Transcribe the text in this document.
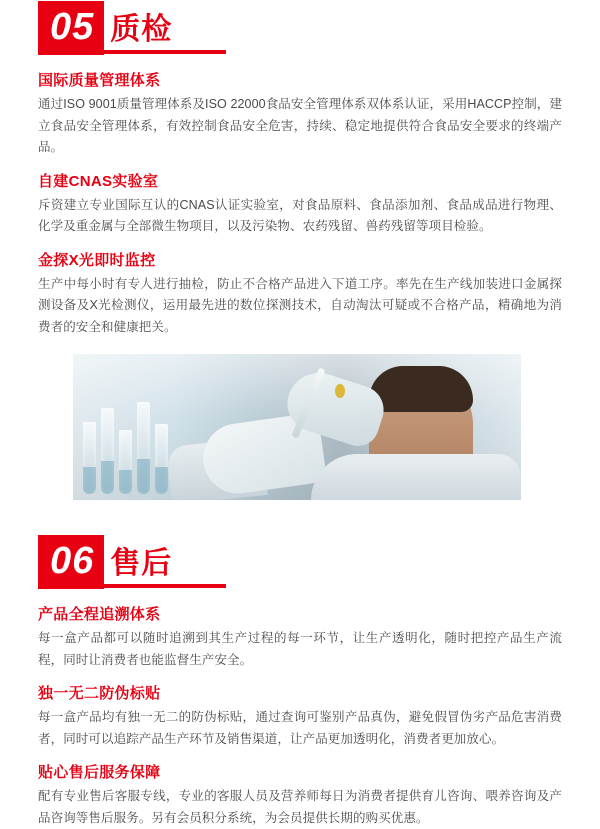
05 质检
国际质量管理体系
通过ISO 9001质量管理体系及ISO 22000食品安全管理体系双体系认证，采用HACCP控制，建立食品安全管理体系，有效控制食品安全危害，持续、稳定地提供符合食品安全要求的终端产品。
自建CNAS实验室
斥资建立专业国际互认的CNAS认证实验室，对食品原料、食品添加剂、食品成品进行物理、化学及重金属与全部微生物项目，以及污染物、农药残留、兽药残留等项目检验。
金探X光即时监控
生产中每小时有专人进行抽检，防止不合格产品进入下道工序。率先在生产线加装进口金属探测设备及X光检测仪，运用最先进的数位探测技术，自动淘汰可疑或不合格产品，精确地为消费者的安全和健康把关。
06 售后
产品全程追溯体系
每一盒产品都可以随时追溯到其生产过程的每一环节，让生产透明化，随时把控产品生产流程，同时让消费者也能监督生产安全。
独一无二防伪标贴
每一盒产品均有独一无二的防伪标贴，通过查询可鉴别产品真伪，避免假冒伪劣产品危害消费者，同时可以追踪产品生产环节及销售渠道，让产品更加透明化，消费者更加放心。
贴心售后服务保障
配有专业售后客服专线，专业的客服人员及营养师每日为消费者提供育儿咨询、喂养咨询及产品咨询等售后服务。另有会员积分系统，为会员提供长期的购买优惠。
